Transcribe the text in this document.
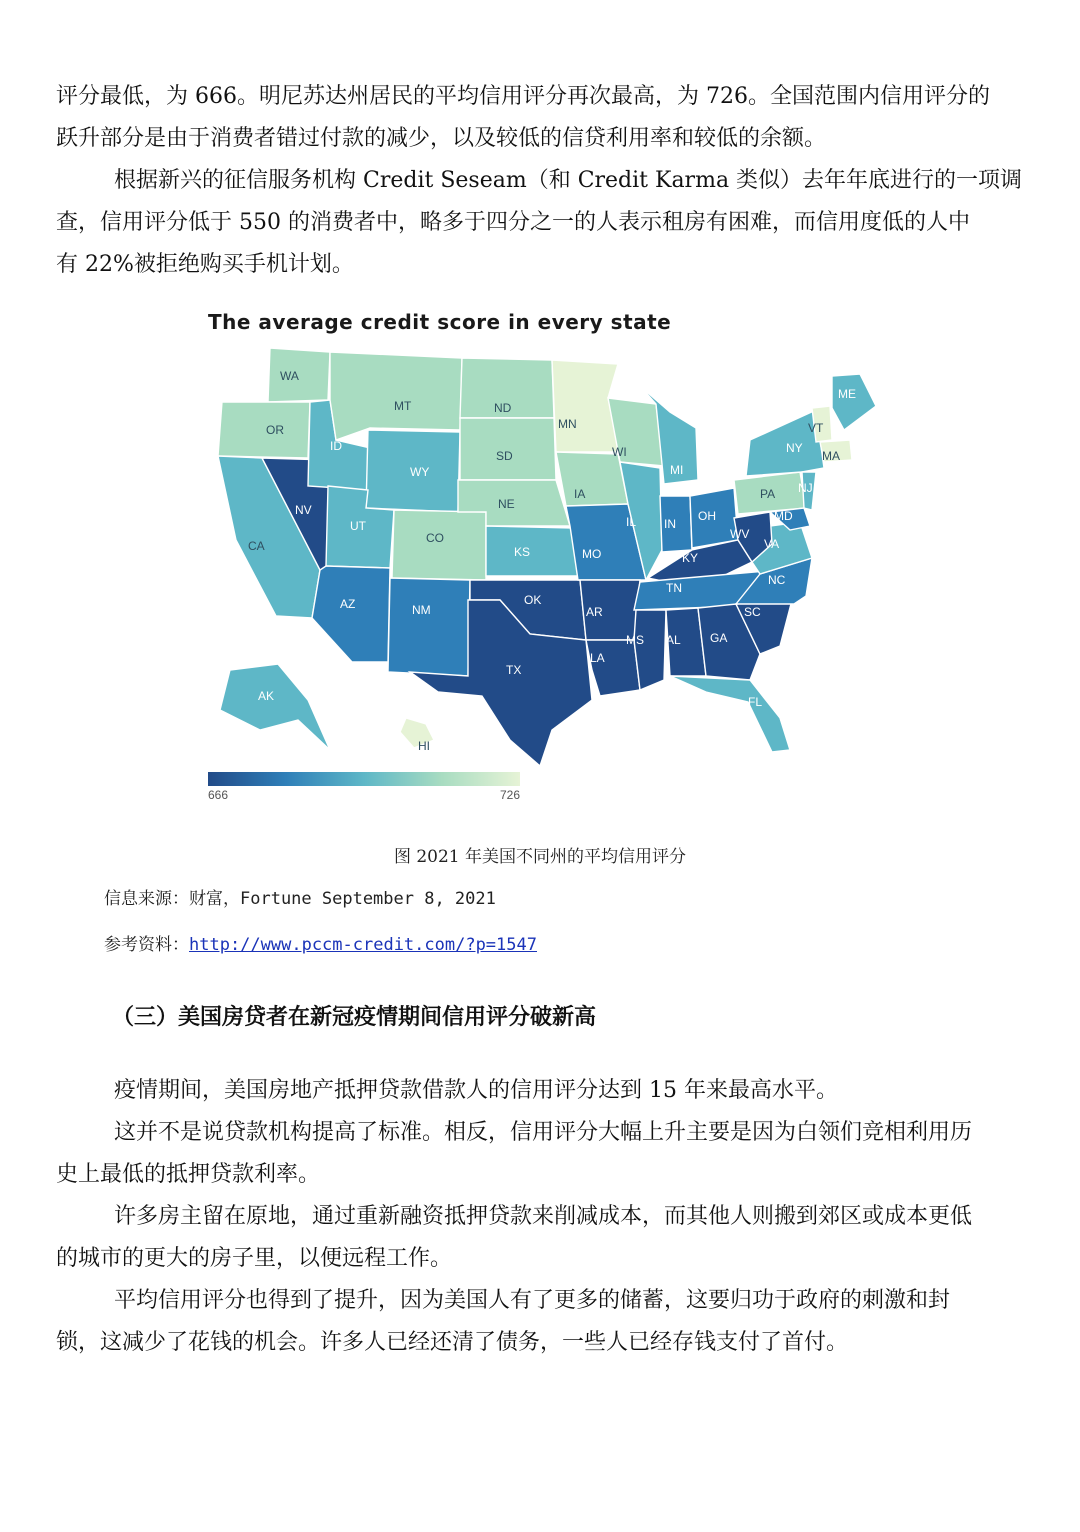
评分最低，为 666。明尼苏达州居民的平均信用评分再次最高，为 726。全国范围内信用评分的

跃升部分是由于消费者错过付款的减少，以及较低的信贷利用率和较低的余额。

根据新兴的征信服务机构 Credit Seseam（和 Credit Karma 类似）去年年底进行的一项调

查，信用评分低于 550 的消费者中，略多于四分之一的人表示租房有困难，而信用度低的人中

有 22%被拒绝购买手机计划。

The average credit score in every state
WA
OR
CA
NV
ID
MT
WY
UT
CO
AZ	NM
ND
SD
NE
KS
OK
TX
MN
IA
MO
AR
LA
WI
IL
MI
IN
OH
KY
TN
MS AL GA
FL
SC
NC
VA
WV
PA
NY
MD
NJ
VT
MA
ME
AK
HI
666	726
图 2021 年美国不同州的平均信用评分
信息来源：财富，Fortune September 8, 2021
参考资料：http://www.pccm-credit.com/?p=1547
（三）美国房贷者在新冠疫情期间信用评分破新高

疫情期间，美国房地产抵押贷款借款人的信用评分达到 15 年来最高水平。

这并不是说贷款机构提高了标准。相反，信用评分大幅上升主要是因为白领们竞相利用历

史上最低的抵押贷款利率。

许多房主留在原地，通过重新融资抵押贷款来削减成本，而其他人则搬到郊区或成本更低

的城市的更大的房子里，以便远程工作。

平均信用评分也得到了提升，因为美国人有了更多的储蓄，这要归功于政府的刺激和封

锁，这减少了花钱的机会。许多人已经还清了债务，一些人已经存钱支付了首付。
